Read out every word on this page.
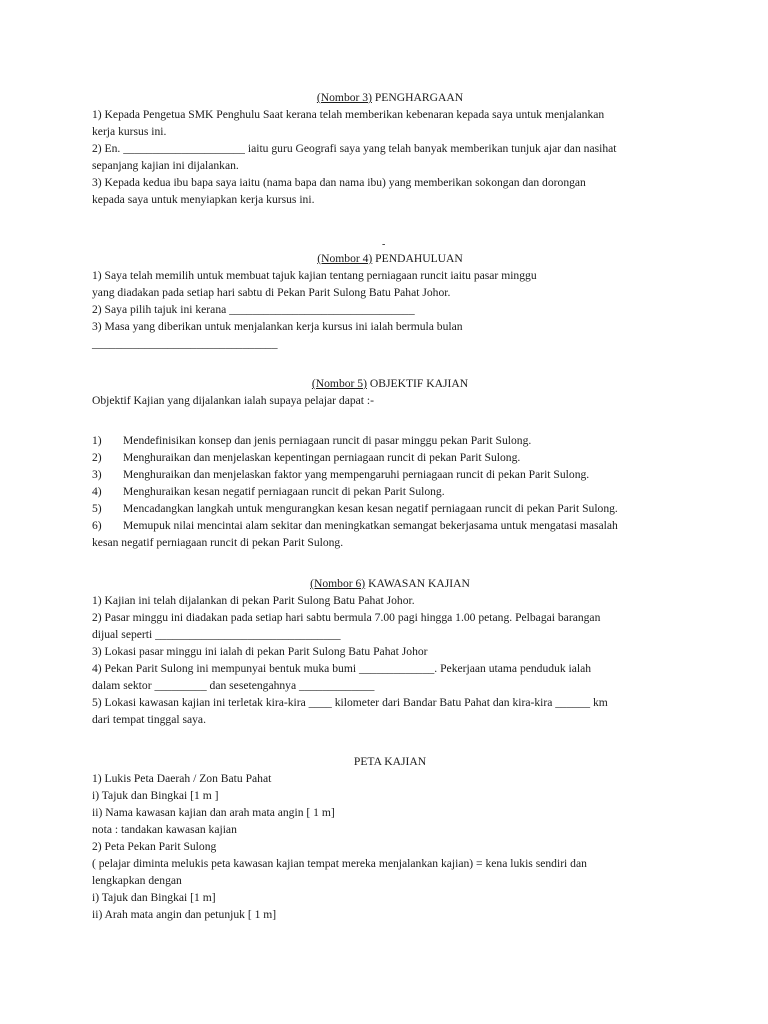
(Nombor 3) PENGHARGAAN

1) Kepada Pengetua SMK Penghulu Saat kerana telah memberikan kebenaran kepada saya untuk menjalankan

kerja kursus ini.

2) En. _____________________ iaitu guru Geografi saya yang telah banyak memberikan tunjuk ajar dan nasihat

sepanjang kajian ini dijalankan.

3) Kepada kedua ibu bapa saya iaitu (nama bapa dan nama ibu) yang memberikan sokongan dan dorongan

kepada saya untuk menyiapkan kerja kursus ini.

-

(Nombor 4) PENDAHULUAN

1) Saya telah memilih untuk membuat tajuk kajian tentang perniagaan runcit iaitu pasar minggu

yang diadakan pada setiap hari sabtu di Pekan Parit Sulong Batu Pahat Johor.

2) Saya pilih tajuk ini kerana ________________________________

3) Masa yang diberikan untuk menjalankan kerja kursus ini ialah bermula bulan

________________________________

(Nombor 5) OBJEKTIF KAJIAN

Objektif Kajian yang dijalankan ialah supaya pelajar dapat :-

1) Mendefinisikan konsep dan jenis perniagaan runcit di pasar minggu pekan Parit Sulong.

2) Menghuraikan dan menjelaskan kepentingan perniagaan runcit di pekan Parit Sulong.

3) Menghuraikan dan menjelaskan faktor yang mempengaruhi perniagaan runcit di pekan Parit Sulong.

4) Menghuraikan kesan negatif perniagaan runcit di pekan Parit Sulong.

5) Mencadangkan langkah untuk mengurangkan kesan kesan negatif perniagaan runcit di pekan Parit Sulong.

6) Memupuk nilai mencintai alam sekitar dan meningkatkan semangat bekerjasama untuk mengatasi masalah

kesan negatif perniagaan runcit di pekan Parit Sulong.

(Nombor 6) KAWASAN KAJIAN

1) Kajian ini telah dijalankan di pekan Parit Sulong Batu Pahat Johor.

2) Pasar minggu ini diadakan pada setiap hari sabtu bermula 7.00 pagi hingga 1.00 petang. Pelbagai barangan

dijual seperti ________________________________

3) Lokasi pasar minggu ini ialah di pekan Parit Sulong Batu Pahat Johor

4) Pekan Parit Sulong ini mempunyai bentuk muka bumi _____________. Pekerjaan utama penduduk ialah

dalam sektor _________ dan sesetengahnya _____________

5) Lokasi kawasan kajian ini terletak kira-kira ____ kilometer dari Bandar Batu Pahat dan kira-kira ______ km

dari tempat tinggal saya.

PETA KAJIAN

1) Lukis Peta Daerah / Zon Batu Pahat

i) Tajuk dan Bingkai [1 m ]

ii) Nama kawasan kajian dan arah mata angin [ 1 m]

nota : tandakan kawasan kajian

2) Peta Pekan Parit Sulong

( pelajar diminta melukis peta kawasan kajian tempat mereka menjalankan kajian) = kena lukis sendiri dan

lengkapkan dengan

i) Tajuk dan Bingkai [1 m]

ii) Arah mata angin dan petunjuk [ 1 m]
